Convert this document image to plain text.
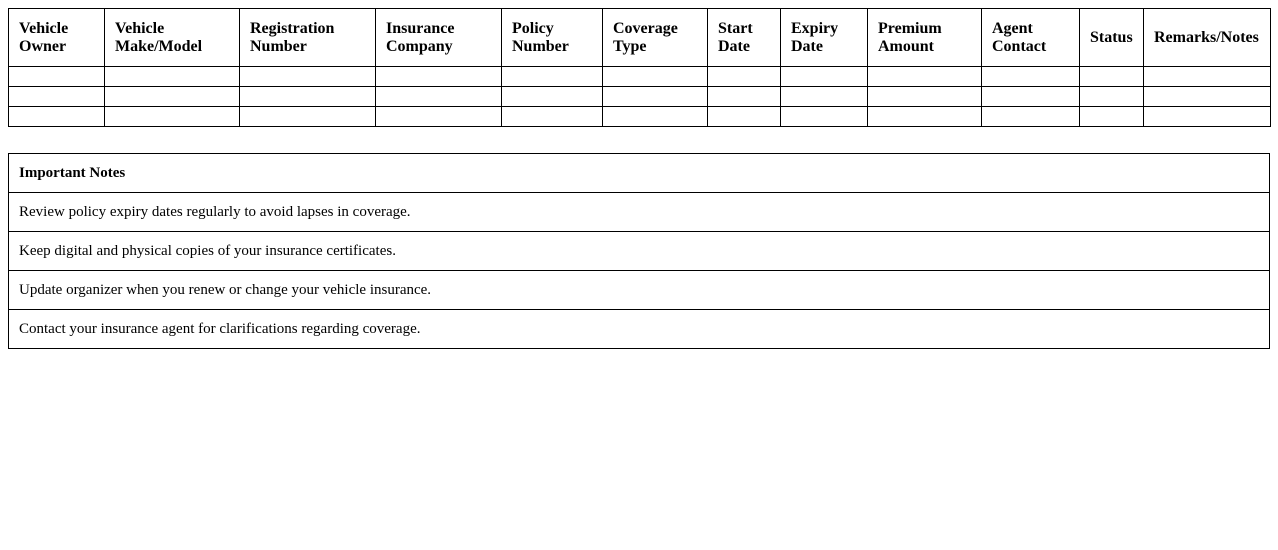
Vehicle Owner	Vehicle Make/Model	Registration Number	Insurance Company	Policy Number	Coverage Type	Start Date	Expiry Date	Premium Amount	Agent Contact	Status	Remarks/Notes

Important Notes
Review policy expiry dates regularly to avoid lapses in coverage.
Keep digital and physical copies of your insurance certificates.
Update organizer when you renew or change your vehicle insurance.
Contact your insurance agent for clarifications regarding coverage.
